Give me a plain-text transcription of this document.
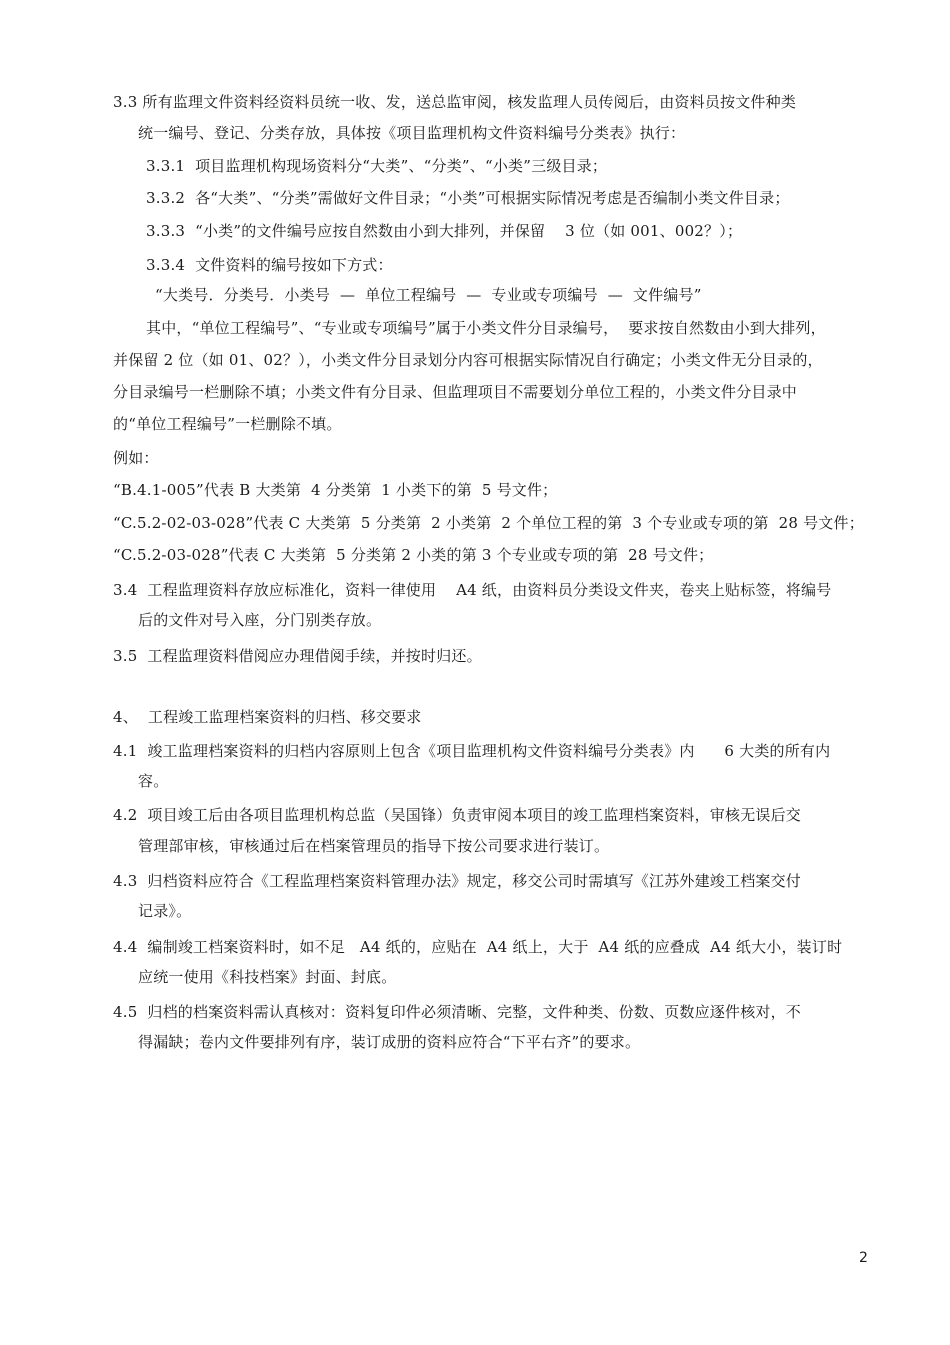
3.3 所有监理文件资料经资料员统一收、发，送总监审阅，核发监理人员传阅后，由资料员按文件种类
统一编号、登记、分类存放，具体按《项目监理机构文件资料编号分类表》执行：
3.3.1  项目监理机构现场资料分“大类”、“分类”、“小类”三级目录；
3.3.2  各“大类”、“分类”需做好文件目录；“小类”可根据实际情况考虑是否编制小类文件目录；
3.3.3  “小类”的文件编号应按自然数由小到大排列，并保留    3 位（如 001、002？）；
3.3.4  文件资料的编号按如下方式：
“大类号．分类号．小类号  —  单位工程编号  —  专业或专项编号  —  文件编号”
其中，“单位工程编号”、“专业或专项编号”属于小类文件分目录编号，  要求按自然数由小到大排列，
并保留 2 位（如 01、02？），小类文件分目录划分内容可根据实际情况自行确定；小类文件无分目录的，
分目录编号一栏删除不填；小类文件有分目录、但监理项目不需要划分单位工程的，小类文件分目录中
的“单位工程编号”一栏删除不填。
例如：
“B.4.1-005”代表 B 大类第  4 分类第  1 小类下的第  5 号文件；
“C.5.2-02-03-028”代表 C 大类第  5 分类第  2 小类第  2 个单位工程的第  3 个专业或专项的第  28 号文件；
“C.5.2-03-028”代表 C 大类第  5 分类第 2 小类的第 3 个专业或专项的第  28 号文件；
3.4  工程监理资料存放应标准化，资料一律使用    A4 纸，由资料员分类设文件夹，卷夹上贴标签，将编号
后的文件对号入座，分门别类存放。
3.5  工程监理资料借阅应办理借阅手续，并按时归还。
4、  工程竣工监理档案资料的归档、移交要求
4.1  竣工监理档案资料的归档内容原则上包含《项目监理机构文件资料编号分类表》内      6 大类的所有内
容。
4.2  项目竣工后由各项目监理机构总监（吴国锋）负责审阅本项目的竣工监理档案资料，审核无误后交
管理部审核，审核通过后在档案管理员的指导下按公司要求进行装订。
4.3  归档资料应符合《工程监理档案资料管理办法》规定，移交公司时需填写《江苏外建竣工档案交付
记录》。
4.4  编制竣工档案资料时，如不足   A4 纸的，应贴在  A4 纸上，大于  A4 纸的应叠成  A4 纸大小，装订时
应统一使用《科技档案》封面、封底。
4.5  归档的档案资料需认真核对：资料复印件必须清晰、完整，文件种类、份数、页数应逐件核对，不
得漏缺；卷内文件要排列有序，装订成册的资料应符合“下平右齐”的要求。
2
